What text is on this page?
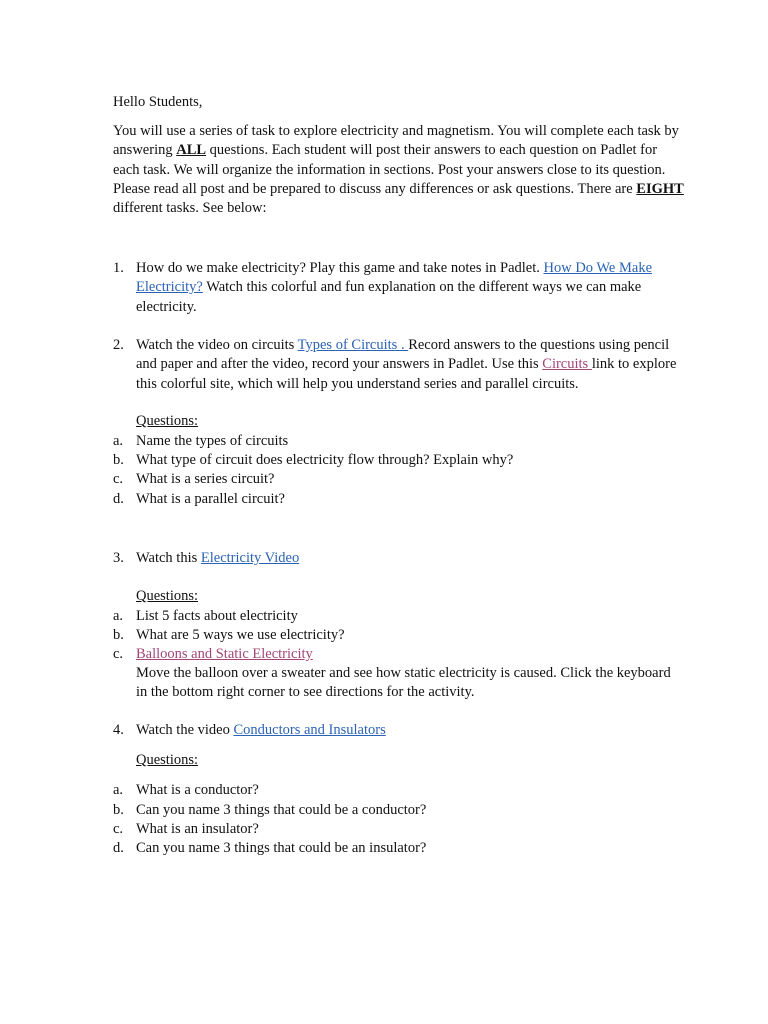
Hello Students,
You will use a series of task to explore electricity and magnetism. You will complete each task by answering ALL questions. Each student will post their answers to each question on Padlet for each task. We will organize the information in sections. Post your answers close to its question. Please read all post and be prepared to discuss any differences or ask questions. There are EIGHT different tasks. See below:
1. How do we make electricity? Play this game and take notes in Padlet. How Do We Make Electricity? Watch this colorful and fun explanation on the different ways we can make electricity.
2. Watch the video on circuits Types of Circuits . Record answers to the questions using pencil and paper and after the video, record your answers in Padlet. Use this Circuits link to explore this colorful site, which will help you understand series and parallel circuits.
Questions:
a. Name the types of circuits
b. What type of circuit does electricity flow through? Explain why?
c. What is a series circuit?
d. What is a parallel circuit?
3. Watch this Electricity Video
Questions:
a. List 5 facts about electricity
b. What are 5 ways we use electricity?
c. Balloons and Static Electricity
Move the balloon over a sweater and see how static electricity is caused. Click the keyboard in the bottom right corner to see directions for the activity.
4. Watch the video Conductors and Insulators
Questions:
a. What is a conductor?
b. Can you name 3 things that could be a conductor?
c. What is an insulator?
d. Can you name 3 things that could be an insulator?
